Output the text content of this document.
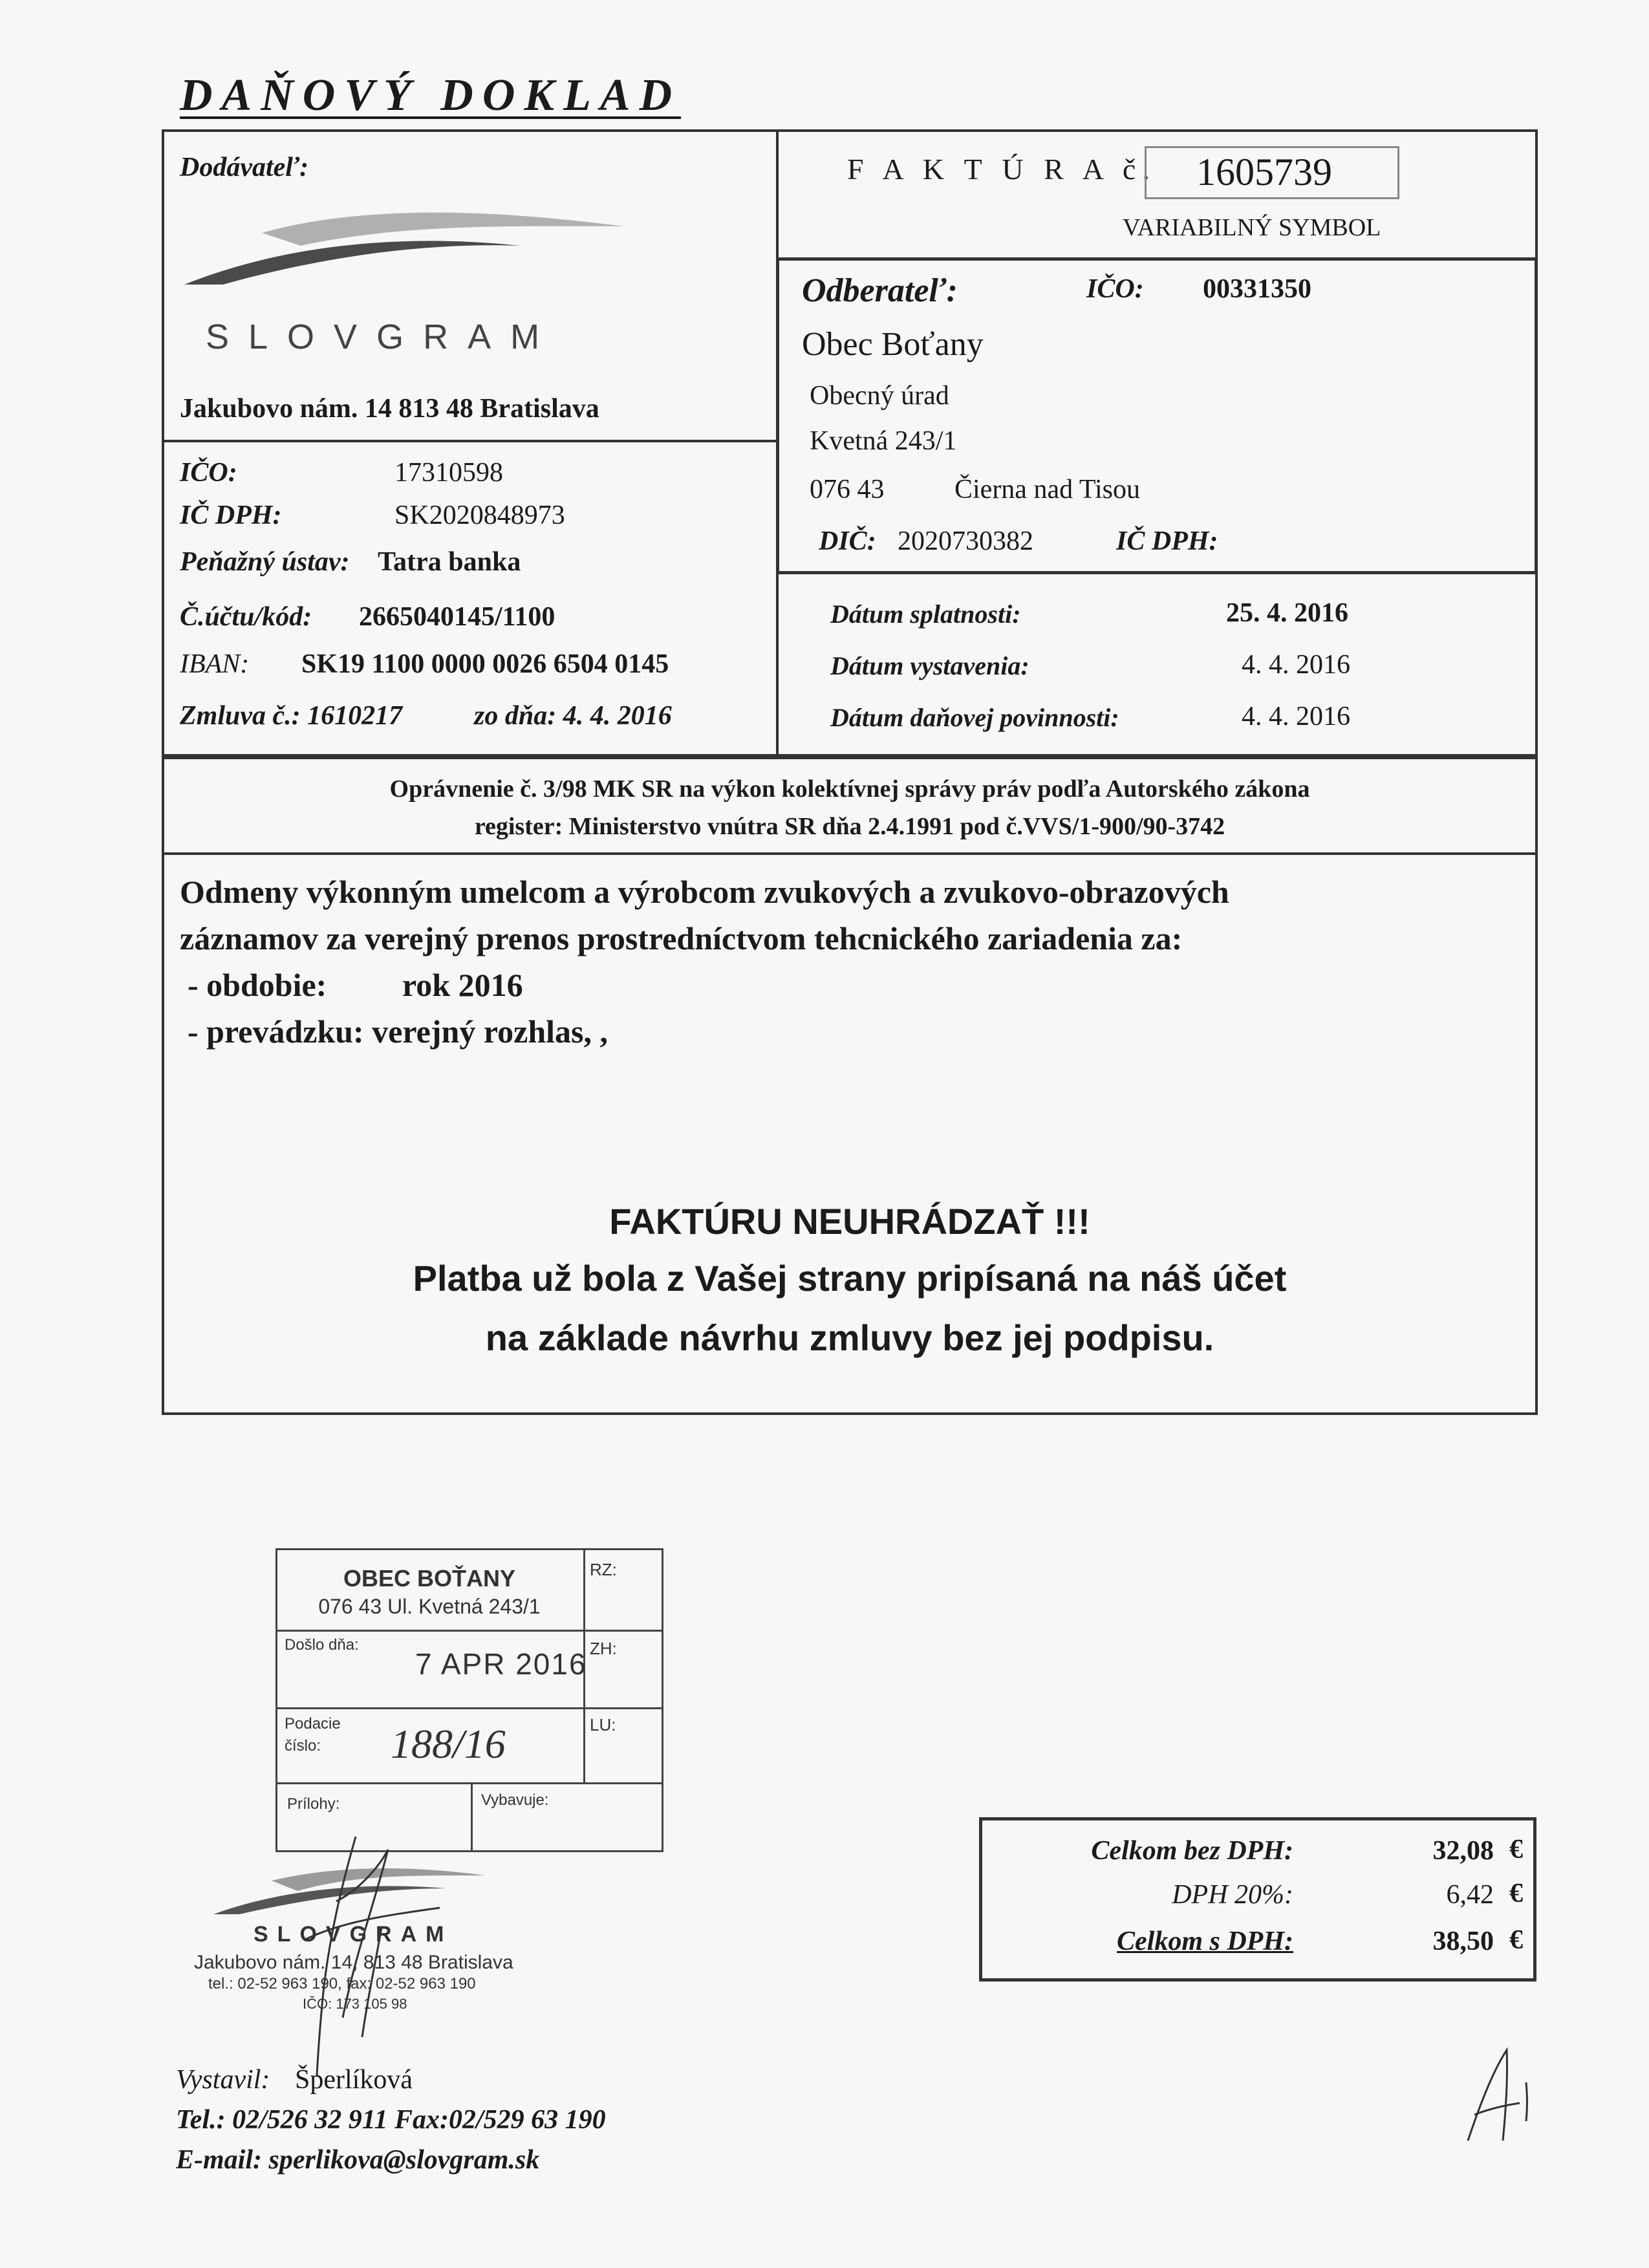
DAŇOVÝ DOKLAD
Dodávateľ:
SLOVGRAM
Jakubovo nám. 14 813 48 Bratislava
IČO:	17310598
IČ DPH:	SK2020848973
Peňažný ústav: Tatra banka
Č.účtu/kód: 2665040145/1100
IBAN: SK19 1100 0000 0026 6504 0145
Zmluva č.: 1610217	zo dňa: 4. 4. 2016
F A K T Ú R A č. 1605739
VARIABILNÝ SYMBOL
Odberateľ:	IČO: 00331350
Obec Boťany
Obecný úrad
Kvetná 243/1
076 43	Čierna nad Tisou
DIČ: 2020730382	IČ DPH:
Dátum splatnosti:	25. 4. 2016
Dátum vystavenia:	4. 4. 2016
Dátum daňovej povinnosti:	4. 4. 2016
Oprávnenie č. 3/98 MK SR na výkon kolektívnej správy práv podľa Autorského zákona
register: Ministerstvo vnútra SR dňa 2.4.1991 pod č.VVS/1-900/90-3742
Odmeny výkonným umelcom a výrobcom zvukových a zvukovo-obrazových
záznamov za verejný prenos prostredníctvom tehcnického zariadenia za:
- obdobie: rok 2016
- prevádzku: verejný rozhlas, ,
FAKTÚRU NEUHRÁDZAŤ !!!
Platba už bola z Vašej strany pripísaná na náš účet
na základe návrhu zmluvy bez jej podpisu.
OBEC BOŤANY
076 43 Ul. Kvetná 243/1
RZ:
Došlo dňa:
7 APR 2016 ZH:
Podacie
číslo: 188/16	LU:
Prílohy:	Vybavuje:
Celkom bez DPH:	32,08 €
DPH 20%:	6,42 €
Celkom s DPH:	38,50 €
SLOVGRAM
Jakubovo nám. 14, 813 48 Bratislava
tel.: 02-52 963 190, fax: 02-52 963 190
IČO: 173 105 98
Vystavil: Šperlíková
Tel.: 02/526 32 911 Fax:02/529 63 190
E-mail: sperlikova@slovgram.sk
